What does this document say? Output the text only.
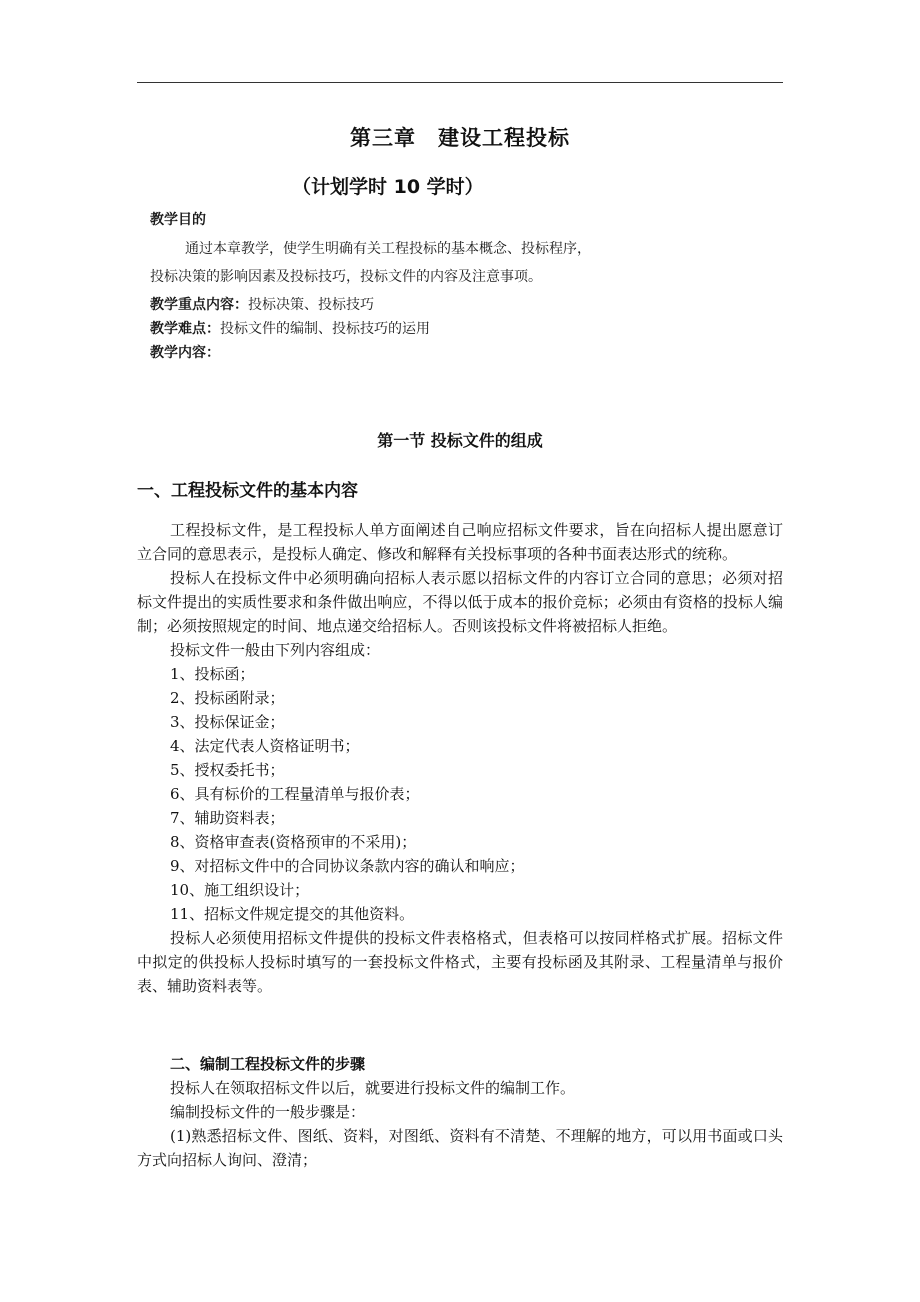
第三章　建设工程投标
（计划学时 10 学时）
教学目的
通过本章教学，使学生明确有关工程投标的基本概念、投标程序，
投标决策的影响因素及投标技巧，投标文件的内容及注意事项。
教学重点内容：投标决策、投标技巧
教学难点：投标文件的编制、投标技巧的运用
教学内容：
第一节 投标文件的组成
一、工程投标文件的基本内容

工程投标文件，是工程投标人单方面阐述自己响应招标文件要求，旨在向招标人提出愿意订立合同的意思表示，是投标人确定、修改和解释有关投标事项的各种书面表达形式的统称。

投标人在投标文件中必须明确向招标人表示愿以招标文件的内容订立合同的意思；必须对招标文件提出的实质性要求和条件做出响应，不得以低于成本的报价竞标；必须由有资格的投标人编制；必须按照规定的时间、地点递交给招标人。否则该投标文件将被招标人拒绝。

投标文件一般由下列内容组成：

1、投标函；

2、投标函附录；

3、投标保证金；

4、法定代表人资格证明书；

5、授权委托书；

6、具有标价的工程量清单与报价表；

7、辅助资料表；

8、资格审查表(资格预审的不采用)；

9、对招标文件中的合同协议条款内容的确认和响应；

10、施工组织设计；

11、招标文件规定提交的其他资料。

投标人必须使用招标文件提供的投标文件表格格式，但表格可以按同样格式扩展。招标文件中拟定的供投标人投标时填写的一套投标文件格式，主要有投标函及其附录、工程量清单与报价表、辅助资料表等。

二、编制工程投标文件的步骤

投标人在领取招标文件以后，就要进行投标文件的编制工作。

编制投标文件的一般步骤是：

(1)熟悉招标文件、图纸、资料，对图纸、资料有不清楚、不理解的地方，可以用书面或口头方式向招标人询问、澄清；
